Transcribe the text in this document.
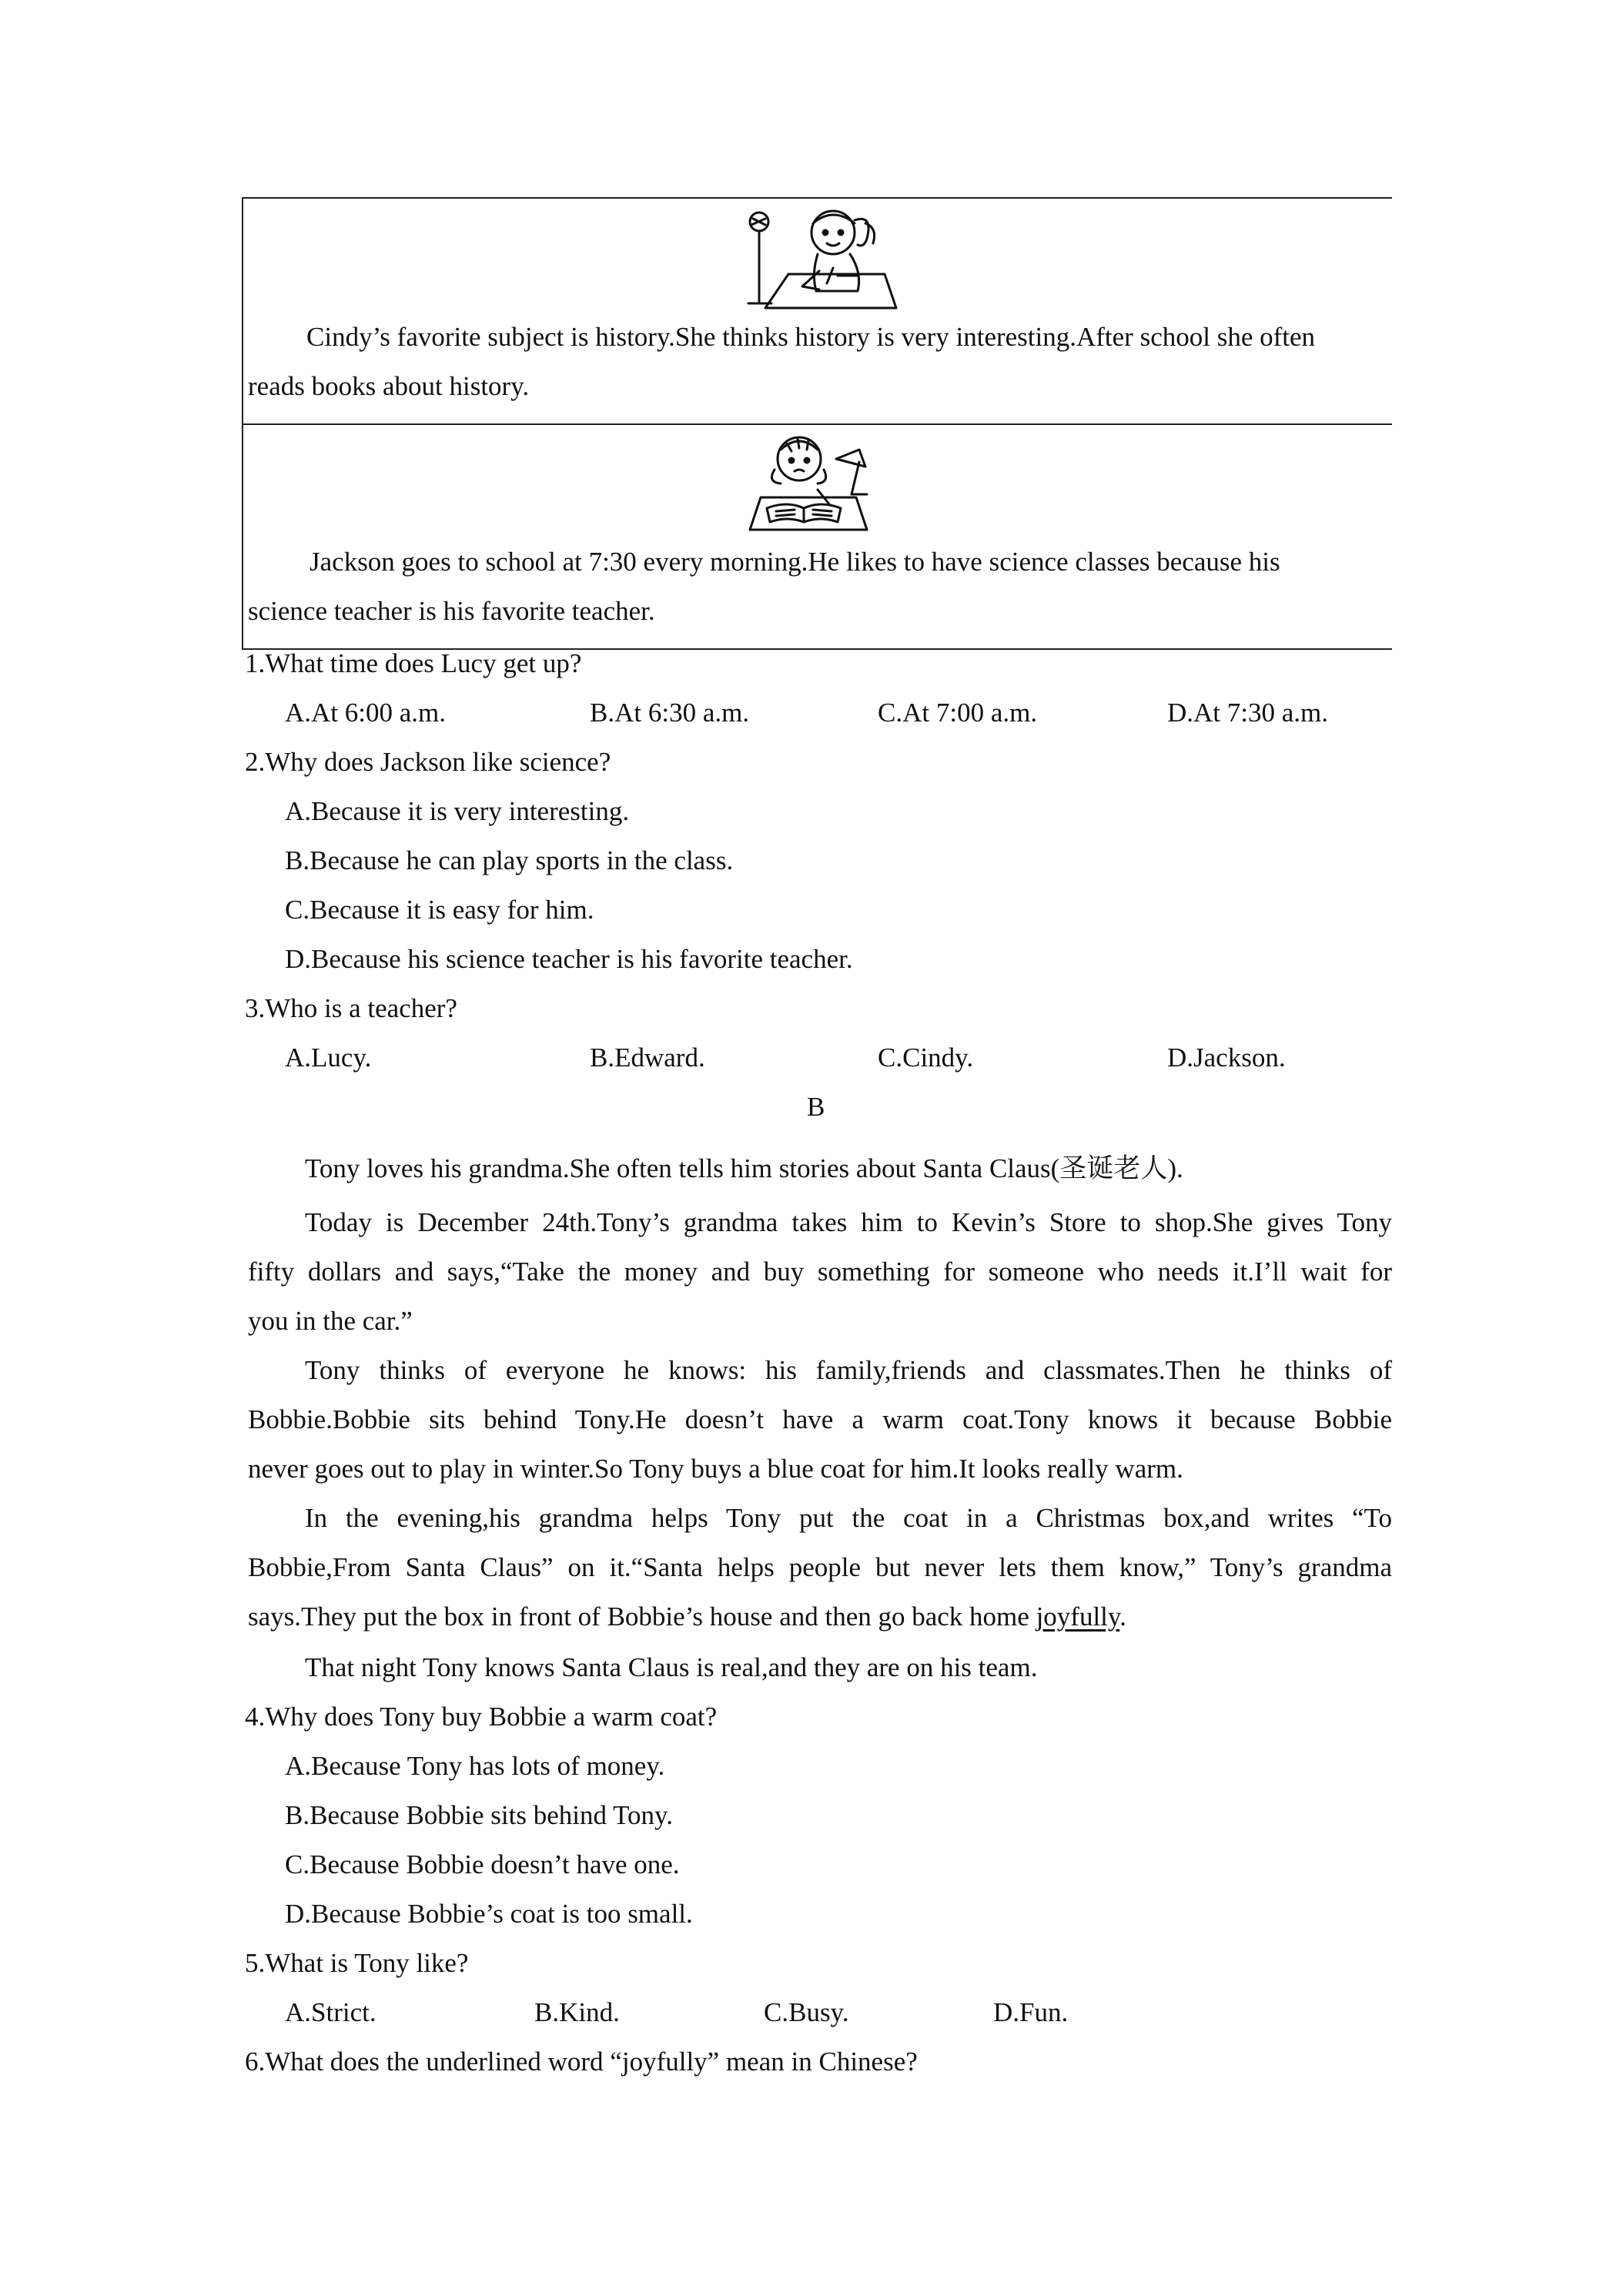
Cindy’s favorite subject is history.She thinks history is very interesting.After school she often
reads books about history.
Jackson goes to school at 7:30 every morning.He likes to have science classes because his
science teacher is his favorite teacher.
1.What time does Lucy get up?
A.At 6:00 a.m.	B.At 6:30 a.m.	C.At 7:00 a.m.	D.At 7:30 a.m.
2.Why does Jackson like science?
A.Because it is very interesting.
B.Because he can play sports in the class.
C.Because it is easy for him.
D.Because his science teacher is his favorite teacher.
3.Who is a teacher?
A.Lucy.	B.Edward.	C.Cindy.	D.Jackson.
B
Tony loves his grandma.She often tells him stories about Santa Claus(圣诞老人).
Today is December 24th.Tony’s grandma takes him to Kevin’s Store to shop.She gives Tony
fifty dollars and says,“Take the money and buy something for someone who needs it.I’ll wait for
you in the car.”
Tony thinks of everyone he knows: his family,friends and classmates.Then he thinks of
Bobbie.Bobbie sits behind Tony.He doesn’t have a warm coat.Tony knows it because Bobbie
never goes out to play in winter.So Tony buys a blue coat for him.It looks really warm.
In the evening,his grandma helps Tony put the coat in a Christmas box,and writes “To
Bobbie,From Santa Claus” on it.“Santa helps people but never lets them know,” Tony’s grandma
says.They put the box in front of Bobbie’s house and then go back home joyfully.
That night Tony knows Santa Claus is real,and they are on his team.
4.Why does Tony buy Bobbie a warm coat?
A.Because Tony has lots of money.
B.Because Bobbie sits behind Tony.
C.Because Bobbie doesn’t have one.
D.Because Bobbie’s coat is too small.
5.What is Tony like?
A.Strict.	B.Kind.	C.Busy.	D.Fun.
6.What does the underlined word “joyfully” mean in Chinese?
